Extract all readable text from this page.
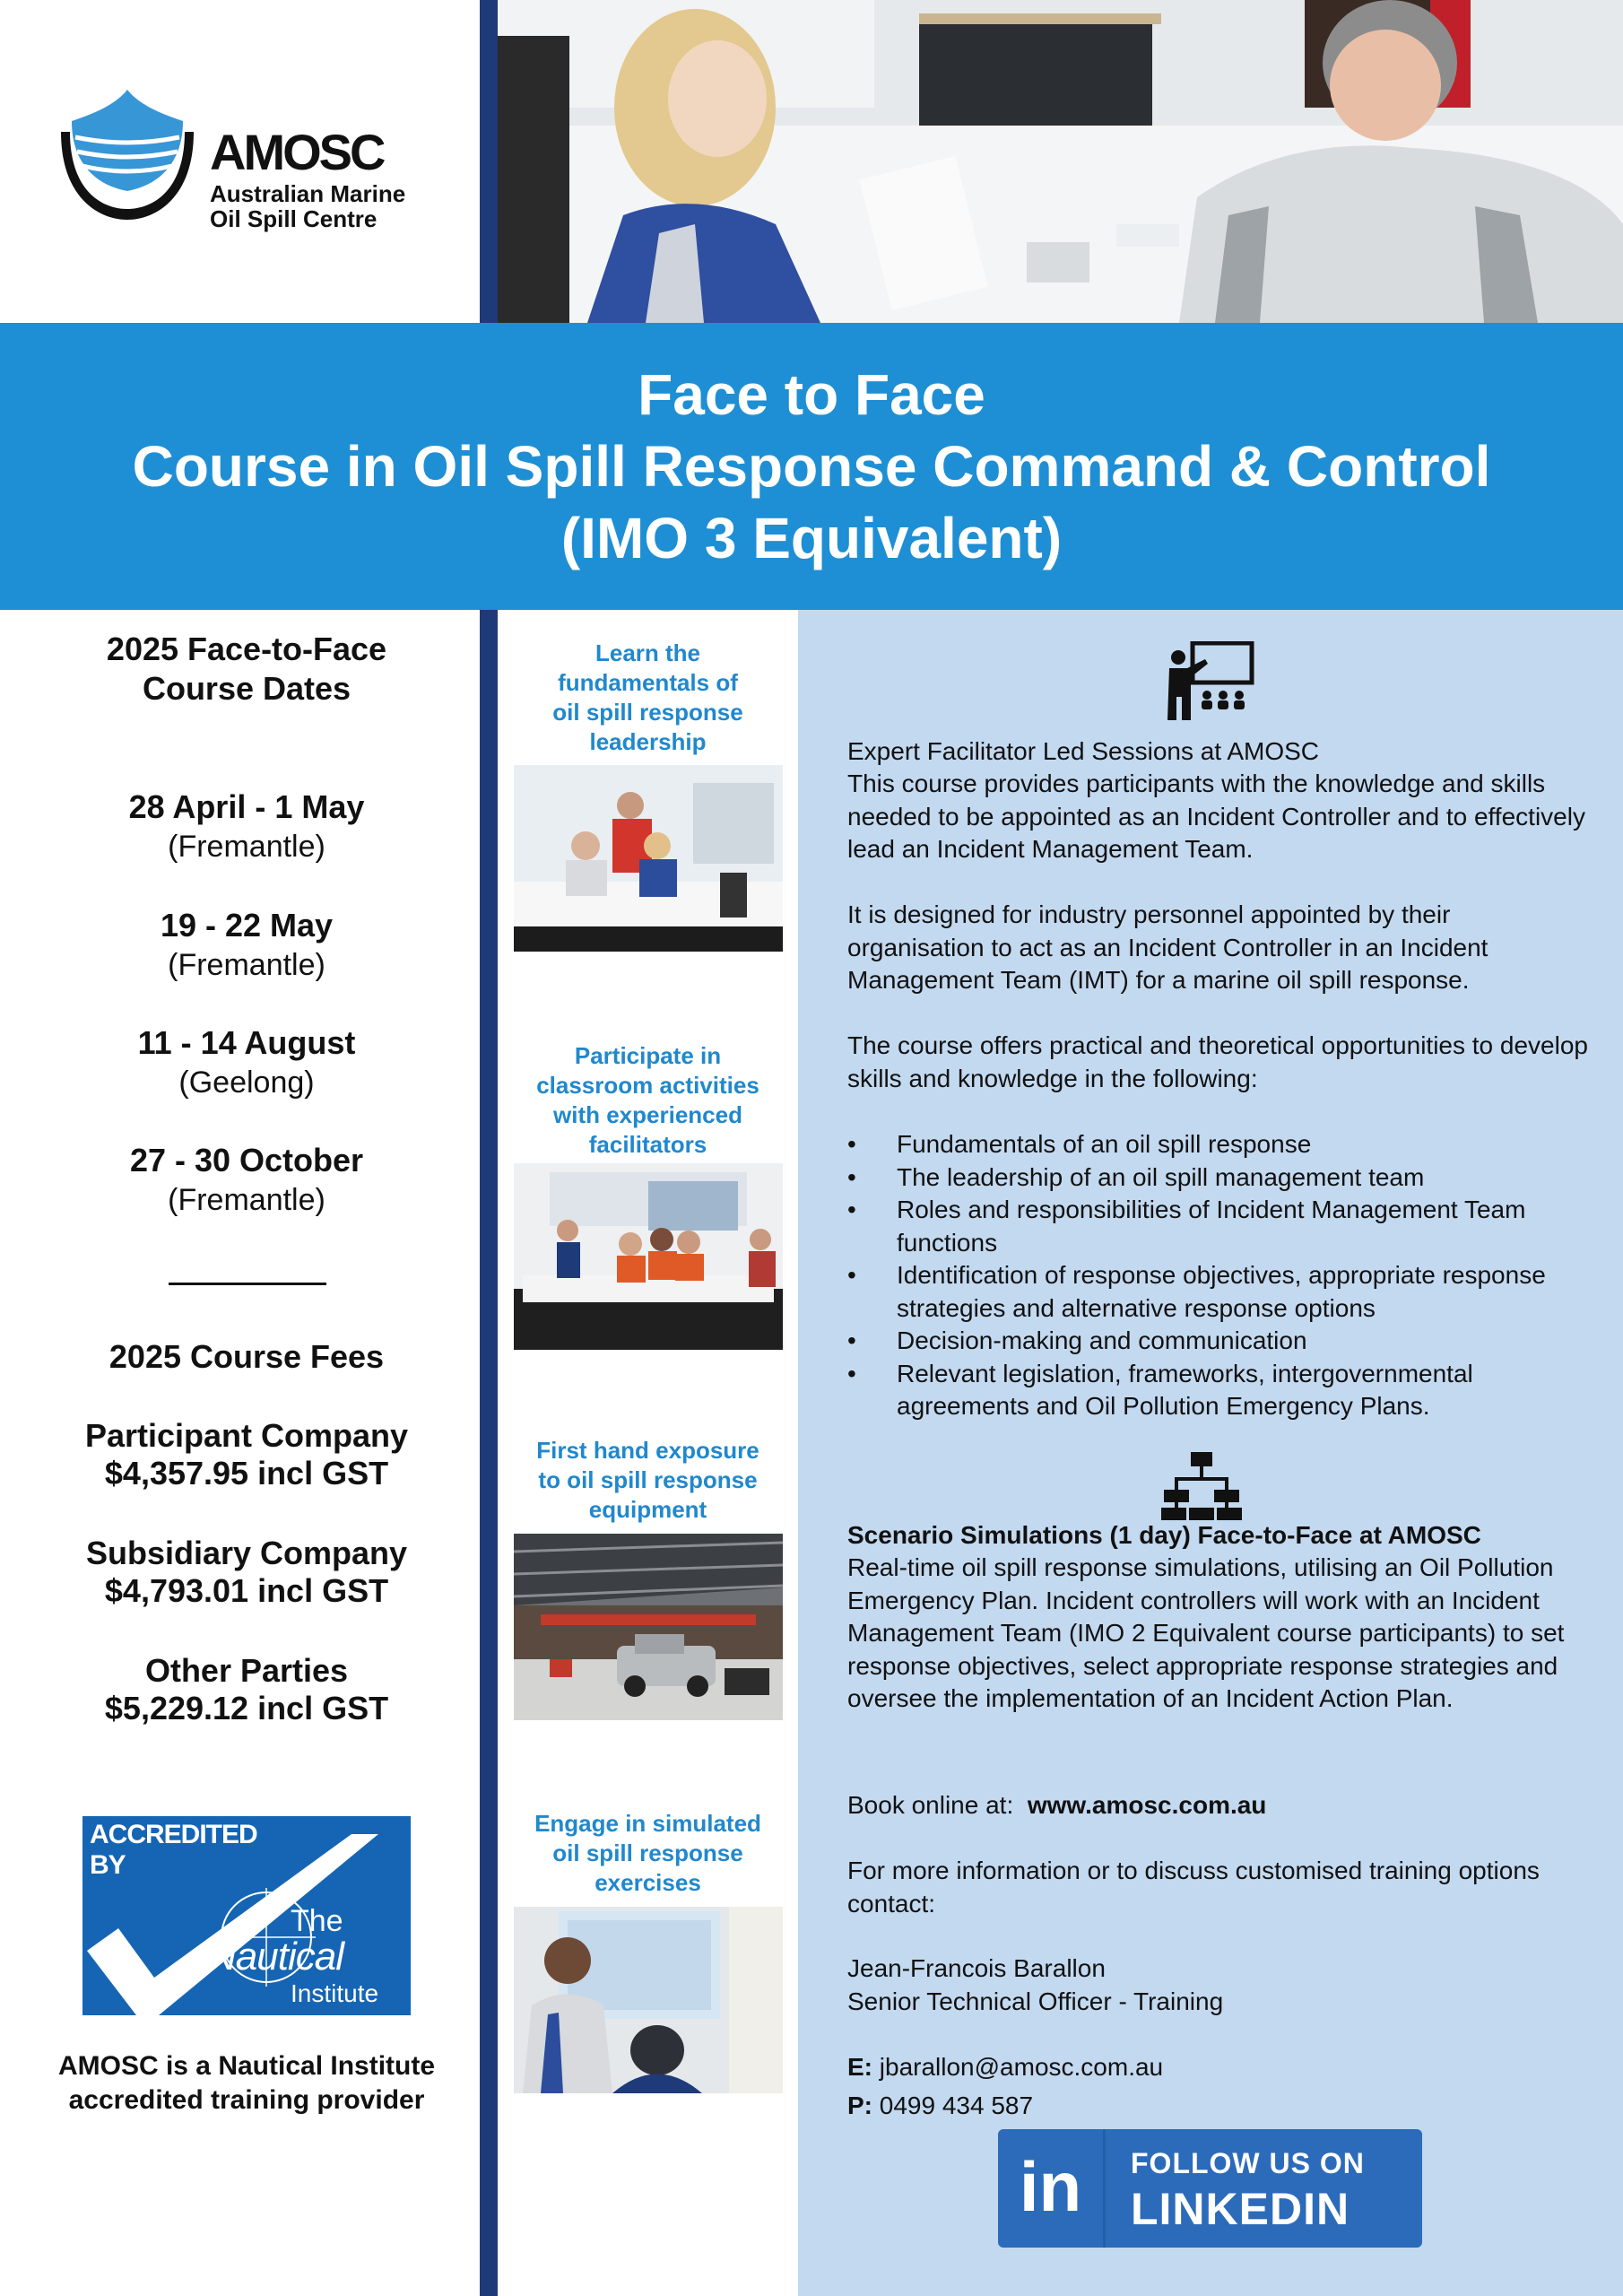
AMOSC
Australian Marine
Oil Spill Centre
Face to Face
Course in Oil Spill Response Command & Control
(IMO 3 Equivalent)
2025 Face-to-Face
Course Dates
28 April - 1 May
(Fremantle)
19 - 22 May
(Fremantle)
11 - 14 August
(Geelong)
27 - 30 October
(Fremantle)
2025 Course Fees
Participant Company
$4,357.95 incl GST
Subsidiary Company
$4,793.01 incl GST
Other Parties
$5,229.12 incl GST
ACCREDITED
BY
The
Nautical
Institute
AMOSC is a Nautical Institute
accredited training provider
Learn the
fundamentals of
oil spill response
leadership
Participate in
classroom activities
with experienced
facilitators
First hand exposure
to oil spill response
equipment
Engage in simulated
oil spill response
exercises
Expert Facilitator Led Sessions at AMOSC
This course provides participants with the knowledge and skills needed to be appointed as an Incident Controller and to effectively lead an Incident Management Team.
It is designed for industry personnel appointed by their organisation to act as an Incident Controller in an Incident Management Team (IMT) for a marine oil spill response.
The course offers practical and theoretical opportunities to develop skills and knowledge in the following:
• Fundamentals of an oil spill response
• The leadership of an oil spill management team
• Roles and responsibilities of Incident Management Team functions
• Identification of response objectives, appropriate response strategies and alternative response options
• Decision-making and communication
• Relevant legislation, frameworks, intergovernmental agreements and Oil Pollution Emergency Plans.
Scenario Simulations (1 day) Face-to-Face at AMOSC
Real-time oil spill response simulations, utilising an Oil Pollution Emergency Plan. Incident controllers will work with an Incident Management Team (IMO 2 Equivalent course participants) to set response objectives, select appropriate response strategies and oversee the implementation of an Incident Action Plan.
Book online at: www.amosc.com.au
For more information or to discuss customised training options contact:
Jean-Francois Barallon
Senior Technical Officer - Training
E: jbarallon@amosc.com.au
P: 0499 434 587
in	FOLLOW US ON
LINKEDIN
